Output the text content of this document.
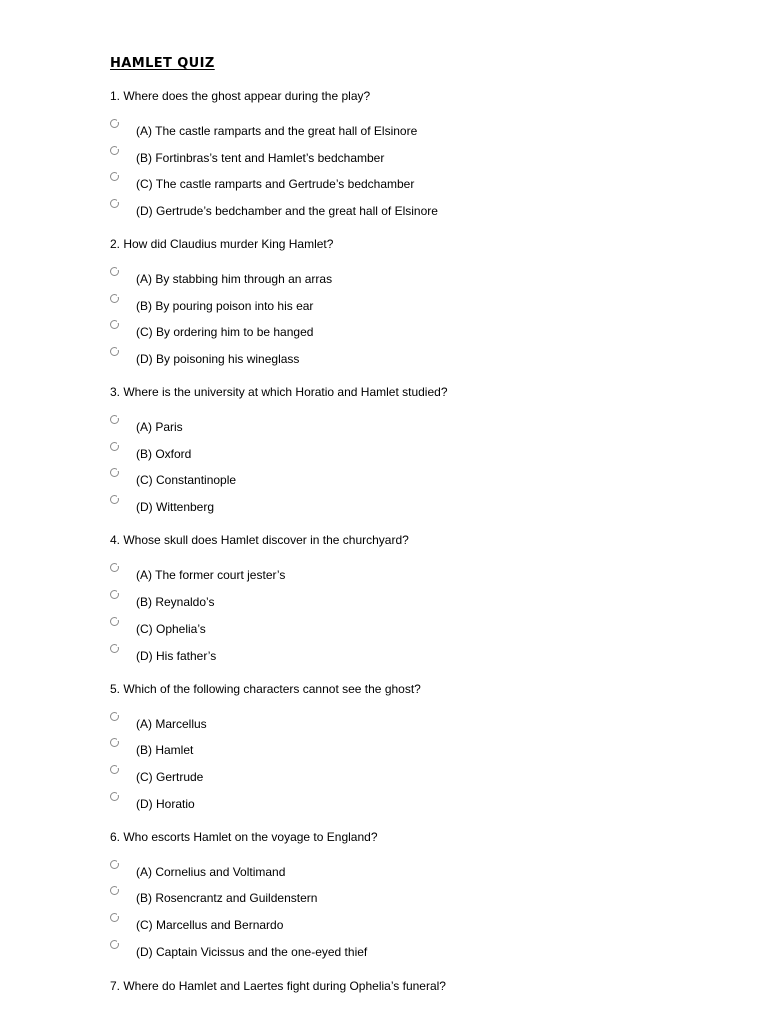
HAMLET QUIZ
1. Where does the ghost appear during the play?
(A) The castle ramparts and the great hall of Elsinore
(B) Fortinbras’s tent and Hamlet’s bedchamber
(C) The castle ramparts and Gertrude’s bedchamber
(D) Gertrude’s bedchamber and the great hall of Elsinore
2. How did Claudius murder King Hamlet?
(A) By stabbing him through an arras
(B) By pouring poison into his ear
(C) By ordering him to be hanged
(D) By poisoning his wineglass
3. Where is the university at which Horatio and Hamlet studied?
(A) Paris
(B) Oxford
(C) Constantinople
(D) Wittenberg
4. Whose skull does Hamlet discover in the churchyard?
(A) The former court jester’s
(B) Reynaldo’s
(C) Ophelia’s
(D) His father’s
5. Which of the following characters cannot see the ghost?
(A) Marcellus
(B) Hamlet
(C) Gertrude
(D) Horatio
6. Who escorts Hamlet on the voyage to England?
(A) Cornelius and Voltimand
(B) Rosencrantz and Guildenstern
(C) Marcellus and Bernardo
(D) Captain Vicissus and the one-eyed thief
7. Where do Hamlet and Laertes fight during Ophelia’s funeral?
